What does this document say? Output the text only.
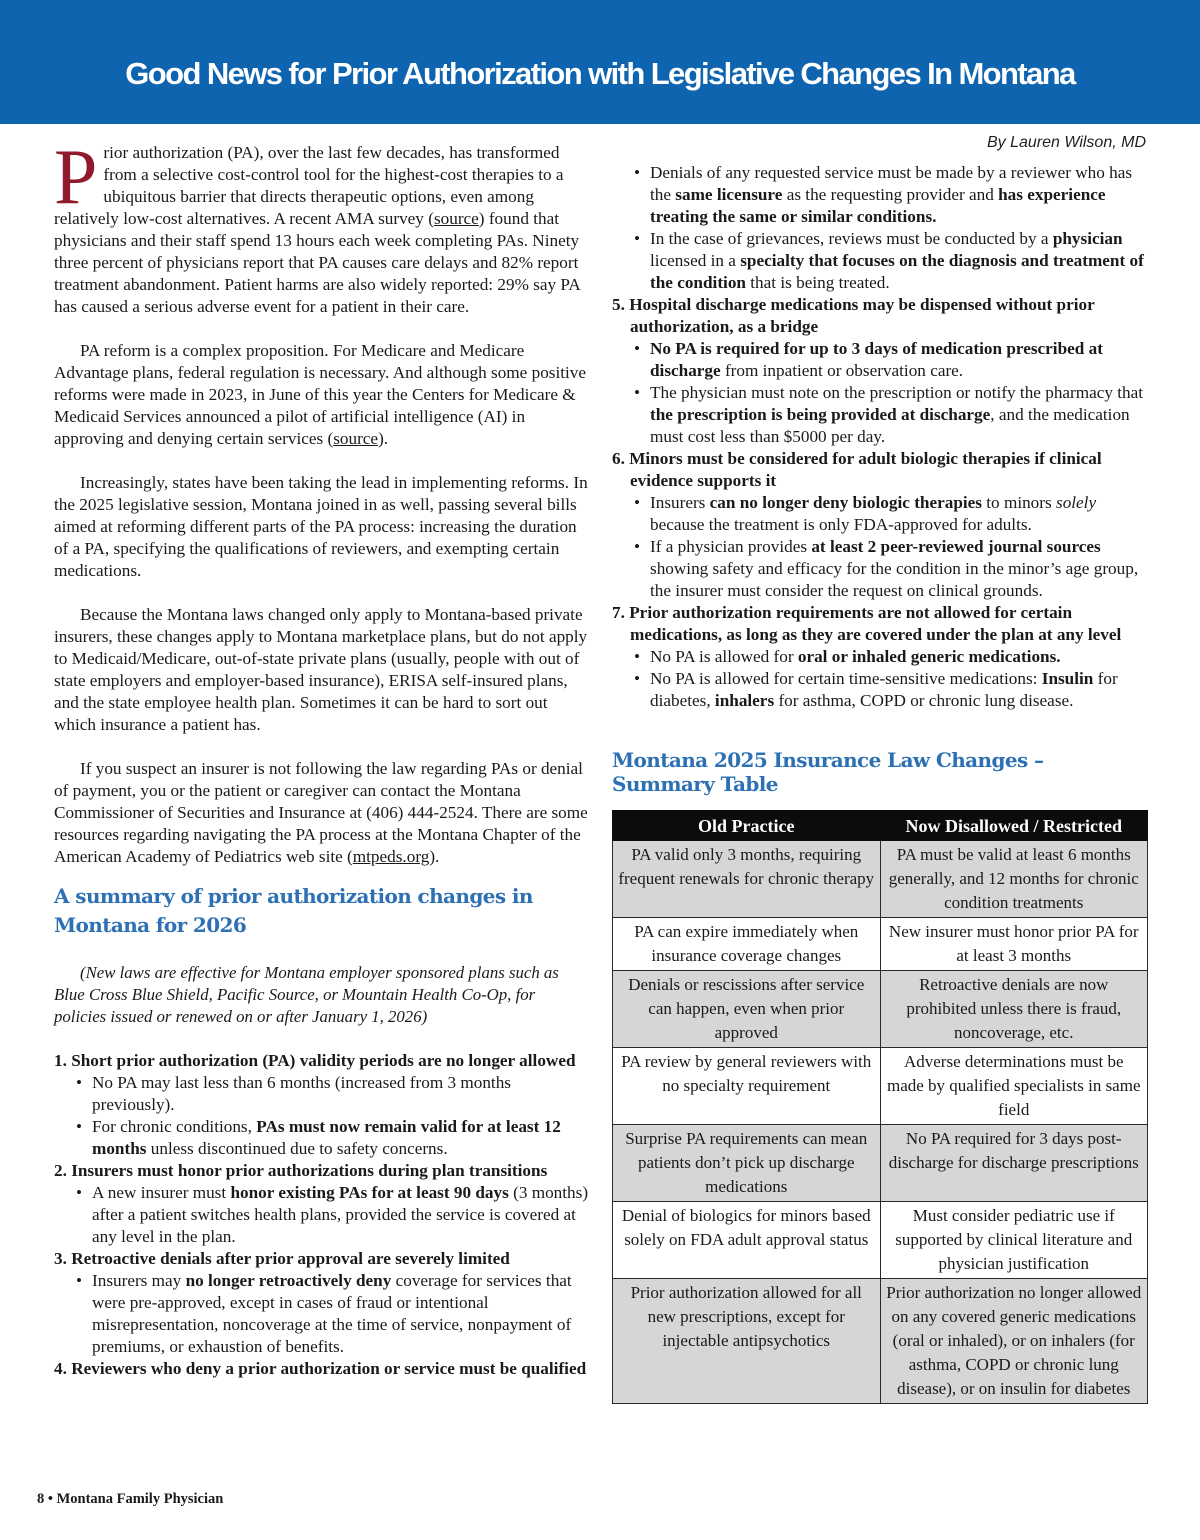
Good News for Prior Authorization with Legislative Changes In Montana
By Lauren Wilson, MD

Prior authorization (PA), over the last few decades, has transformed from a selective cost-control tool for the highest-cost therapies to a ubiquitous barrier that directs therapeutic options, even among relatively low-cost alternatives. A recent AMA survey (source) found that physicians and their staff spend 13 hours each week completing PAs. Ninety three percent of physicians report that PA causes care delays and 82% report treatment abandonment. Patient harms are also widely reported: 29% say PA has caused a serious adverse event for a patient in their care.

PA reform is a complex proposition. For Medicare and Medicare Advantage plans, federal regulation is necessary. And although some positive reforms were made in 2023, in June of this year the Centers for Medicare & Medicaid Services announced a pilot of artificial intelligence (AI) in approving and denying certain services (source).

Increasingly, states have been taking the lead in implementing reforms. In the 2025 legislative session, Montana joined in as well, passing several bills aimed at reforming different parts of the PA process: increasing the duration of a PA, specifying the qualifications of reviewers, and exempting certain medications.

Because the Montana laws changed only apply to Montana-based private insurers, these changes apply to Montana marketplace plans, but do not apply to Medicaid/Medicare, out-of-state private plans (usually, people with out of state employers and employer-based insurance), ERISA self-insured plans, and the state employee health plan. Sometimes it can be hard to sort out which insurance a patient has.

If you suspect an insurer is not following the law regarding PAs or denial of payment, you or the patient or caregiver can contact the Montana Commissioner of Securities and Insurance at (406) 444-2524. There are some resources regarding navigating the PA process at the Montana Chapter of the American Academy of Pediatrics web site (mtpeds.org).

A summary of prior authorization changes in Montana for 2026

(New laws are effective for Montana employer sponsored plans such as Blue Cross Blue Shield, Pacific Source, or Mountain Health Co-Op, for policies issued or renewed on or after January 1, 2026)

1. Short prior authorization (PA) validity periods are no longer allowed
• No PA may last less than 6 months (increased from 3 months previously).
• For chronic conditions, PAs must now remain valid for at least 12 months unless discontinued due to safety concerns.
2. Insurers must honor prior authorizations during plan transitions
• A new insurer must honor existing PAs for at least 90 days (3 months) after a patient switches health plans, provided the service is covered at any level in the plan.
3. Retroactive denials after prior approval are severely limited
• Insurers may no longer retroactively deny coverage for services that were pre-approved, except in cases of fraud or intentional misrepresentation, noncoverage at the time of service, nonpayment of premiums, or exhaustion of benefits.
4. Reviewers who deny a prior authorization or service must be qualified
• Denials of any requested service must be made by a reviewer who has the same licensure as the requesting provider and has experience treating the same or similar conditions.
• In the case of grievances, reviews must be conducted by a physician licensed in a specialty that focuses on the diagnosis and treatment of the condition that is being treated.
5. Hospital discharge medications may be dispensed without prior authorization, as a bridge
• No PA is required for up to 3 days of medication prescribed at discharge from inpatient or observation care.
• The physician must note on the prescription or notify the pharmacy that the prescription is being provided at discharge, and the medication must cost less than $5000 per day.
6. Minors must be considered for adult biologic therapies if clinical evidence supports it
• Insurers can no longer deny biologic therapies to minors solely because the treatment is only FDA-approved for adults.
• If a physician provides at least 2 peer-reviewed journal sources showing safety and efficacy for the condition in the minor’s age group, the insurer must consider the request on clinical grounds.
7. Prior authorization requirements are not allowed for certain medications, as long as they are covered under the plan at any level
• No PA is allowed for oral or inhaled generic medications.
• No PA is allowed for certain time-sensitive medications: Insulin for diabetes, inhalers for asthma, COPD or chronic lung disease.
Montana 2025 Insurance Law Changes – Summary Table
Old Practice	Now Disallowed / Restricted
PA valid only 3 months, requiring frequent renewals for chronic therapy	PA must be valid at least 6 months generally, and 12 months for chronic condition treatments
PA can expire immediately when insurance coverage changes	New insurer must honor prior PA for at least 3 months
Denials or rescissions after service can happen, even when prior approved	Retroactive denials are now prohibited unless there is fraud, noncoverage, etc.
PA review by general reviewers with no specialty requirement	Adverse determinations must be made by qualified specialists in same field
Surprise PA requirements can mean patients don’t pick up discharge medications	No PA required for 3 days post-discharge for discharge prescriptions
Denial of biologics for minors based solely on FDA adult approval status	Must consider pediatric use if supported by clinical literature and physician justification
Prior authorization allowed for all new prescriptions, except for injectable antipsychotics	Prior authorization no longer allowed on any covered generic medications (oral or inhaled), or on inhalers (for asthma, COPD or chronic lung disease), or on insulin for diabetes
8 • Montana Family Physician
